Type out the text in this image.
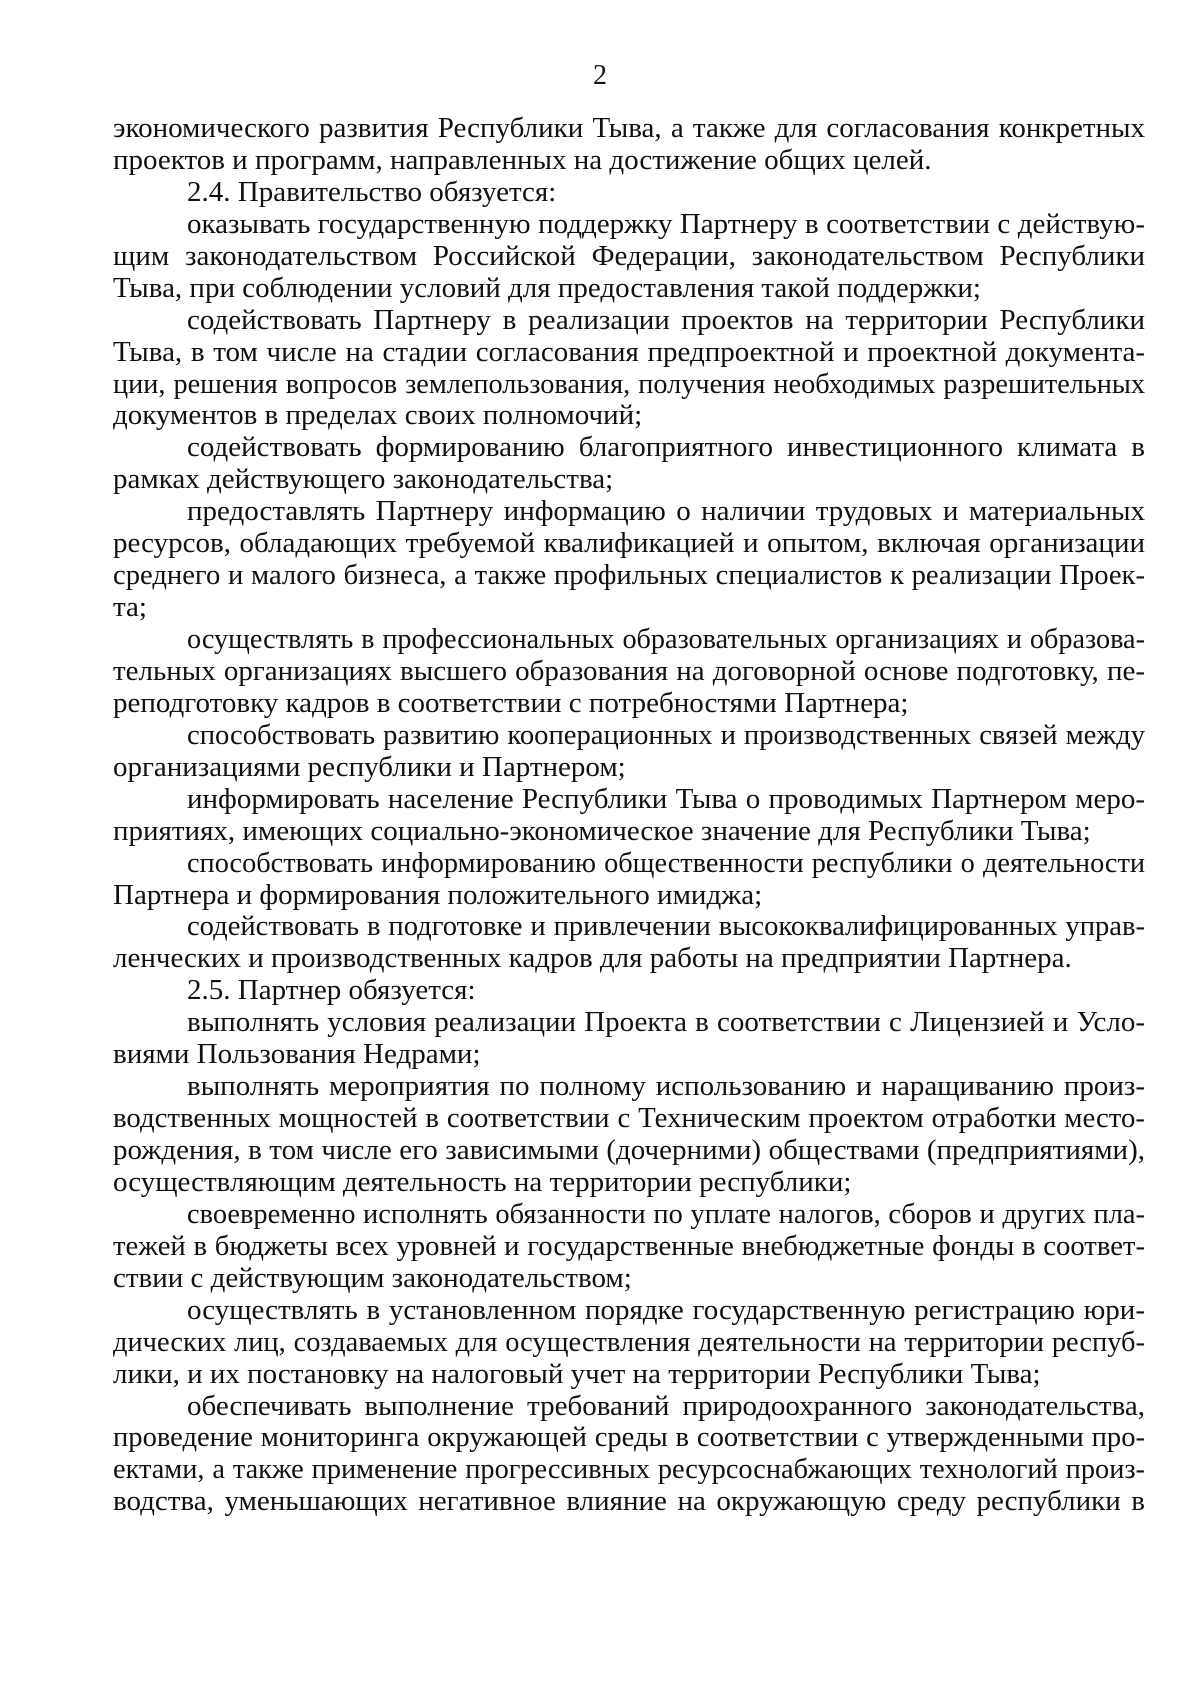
2
экономического развития Республики Тыва, а также для согласования конкретных
проектов и программ, направленных на достижение общих целей.
2.4. Правительство обязуется:
оказывать государственную поддержку Партнеру в соответствии с действую-
щим законодательством Российской Федерации, законодательством Республики
Тыва, при соблюдении условий для предоставления такой поддержки;
содействовать Партнеру в реализации проектов на территории Республики
Тыва, в том числе на стадии согласования предпроектной и проектной документа-
ции, решения вопросов землепользования, получения необходимых разрешительных
документов в пределах своих полномочий;
содействовать формированию благоприятного инвестиционного климата в
рамках действующего законодательства;
предоставлять Партнеру информацию о наличии трудовых и материальных
ресурсов, обладающих требуемой квалификацией и опытом, включая организации
среднего и малого бизнеса, а также профильных специалистов к реализации Проек-
та;
осуществлять в профессиональных образовательных организациях и образова-
тельных организациях высшего образования на договорной основе подготовку, пе-
реподготовку кадров в соответствии с потребностями Партнера;
способствовать развитию кооперационных и производственных связей между
организациями республики и Партнером;
информировать население Республики Тыва о проводимых Партнером меро-
приятиях, имеющих социально-экономическое значение для Республики Тыва;
способствовать информированию общественности республики о деятельности
Партнера и формирования положительного имиджа;
содействовать в подготовке и привлечении высококвалифицированных управ-
ленческих и производственных кадров для работы на предприятии Партнера.
2.5. Партнер обязуется:
выполнять условия реализации Проекта в соответствии с Лицензией и Усло-
виями Пользования Недрами;
выполнять мероприятия по полному использованию и наращиванию произ-
водственных мощностей в соответствии с Техническим проектом отработки место-
рождения, в том числе его зависимыми (дочерними) обществами (предприятиями),
осуществляющим деятельность на территории республики;
своевременно исполнять обязанности по уплате налогов, сборов и других пла-
тежей в бюджеты всех уровней и государственные внебюджетные фонды в соответ-
ствии с действующим законодательством;
осуществлять в установленном порядке государственную регистрацию юри-
дических лиц, создаваемых для осуществления деятельности на территории респуб-
лики, и их постановку на налоговый учет на территории Республики Тыва;
обеспечивать выполнение требований природоохранного законодательства,
проведение мониторинга окружающей среды в соответствии с утвержденными про-
ектами, а также применение прогрессивных ресурсоснабжающих технологий произ-
водства, уменьшающих негативное влияние на окружающую среду республики в
